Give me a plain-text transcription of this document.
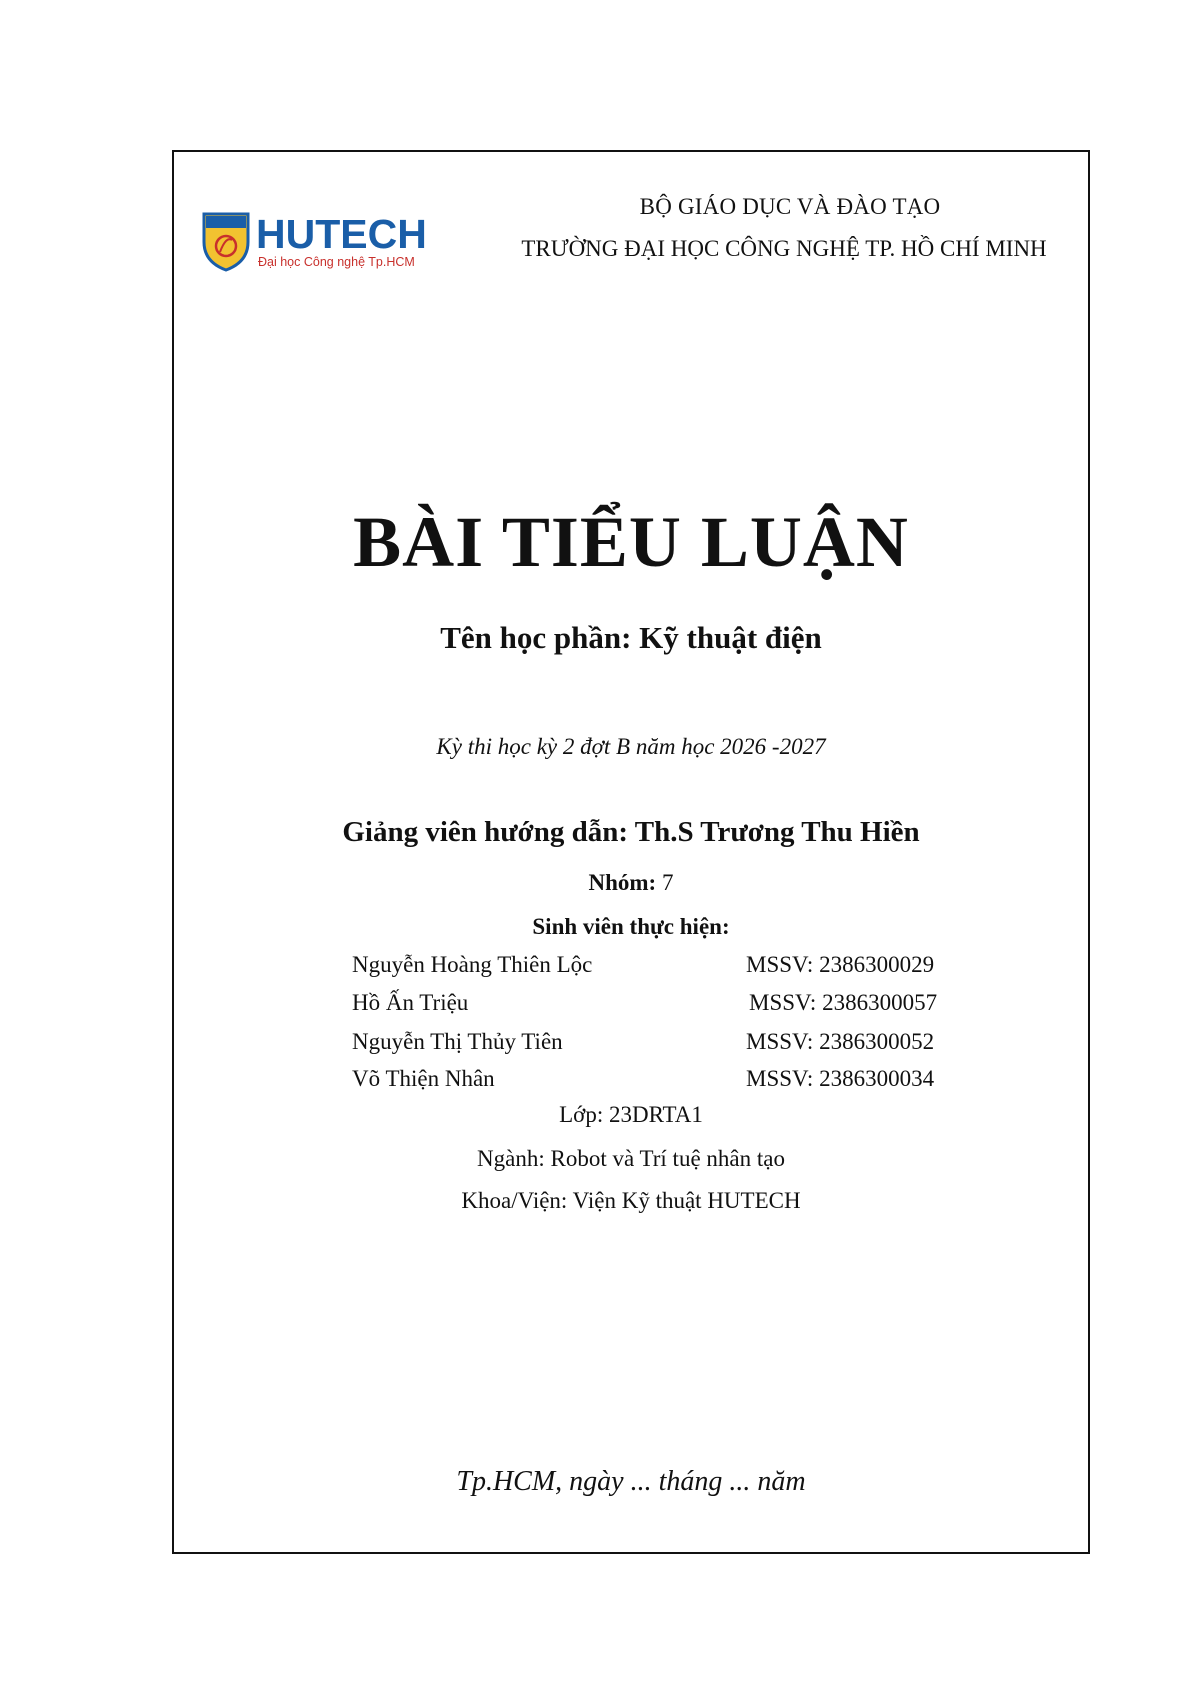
HUTECH
Đại học Công nghệ Tp.HCM
BỘ GIÁO DỤC VÀ ĐÀO TẠO
TRƯỜNG ĐẠI HỌC CÔNG NGHỆ TP. HỒ CHÍ MINH
BÀI TIỂU LUẬN
Tên học phần: Kỹ thuật điện
Kỳ thi học kỳ 2 đợt B năm học 2026 -2027
Giảng viên hướng dẫn: Th.S Trương Thu Hiền
Nhóm: 7
Sinh viên thực hiện:
Nguyễn Hoàng Thiên Lộc	MSSV: 2386300029
Hồ Ấn Triệu	MSSV: 2386300057
Nguyễn Thị Thủy Tiên	MSSV: 2386300052
Võ Thiện Nhân	MSSV: 2386300034
Lớp: 23DRTA1
Ngành: Robot và Trí tuệ nhân tạo
Khoa/Viện: Viện Kỹ thuật HUTECH
Tp.HCM, ngày ... tháng ... năm
